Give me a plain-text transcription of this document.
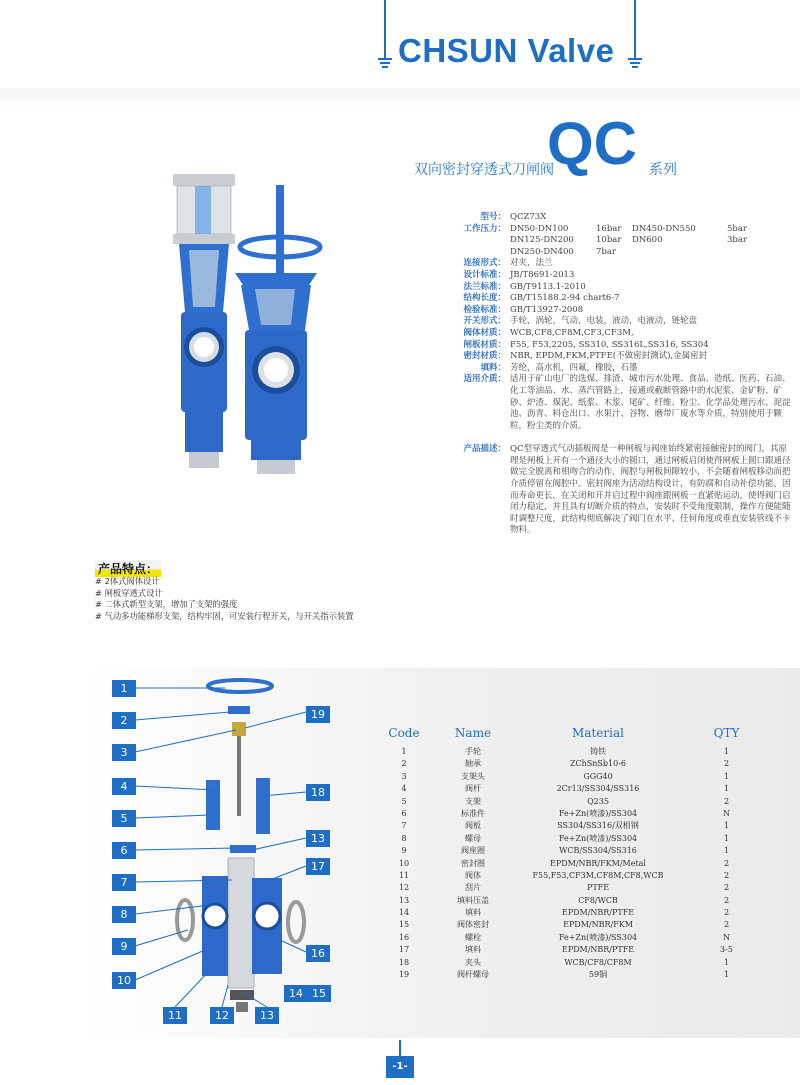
CHSUN Valve
双向密封穿透式刀闸阀
QC 系列
型号： QCZ73X
工作压力： DN50-DN100	16bar	DN450-DN550	5bar
DN125-DN200	10bar	DN600	3bar
DN250-DN400	7bar
连接形式： 对夹，法兰
设计标准： JB/T8691-2013
法兰标准： GB/T9113.1-2010
结构长度： GB/T15188.2-94 chart6-7
检验标准： GB/T13927-2008
开关形式： 手轮，涡轮，气动，电装，液动，电液动，链轮盘
阀体材质： WCB,CF8,CF8M,CF3,CF3M,
闸板材质： F55, F53,2205, SS310, SS316L,SS316, SS304
密封材质： NBR, EPDM,FKM,PTFE(不做密封测试),金属密封
填料： 芳纶，高水机，四氟，橡胶，石墨
适用介质： 适用于矿山电厂的选煤、排渣、城市污水处理、食品、造纸、医药、石油、化工等油品、水、蒸汽管路上，接通或截断管路中的水泥浆、金矿粉、矿砂、炉渣、煤泥、纸浆、木浆、尾矿、纤维、粉尘、化学品处理污水、泥淀池、沥青、料仓出口、水果汁、谷物、磨带厂废水等介质，特别使用于颗粒，粉尘类的介质。
产品描述： QC型穿透式气动插板阀是一种闸板与阀座始终紧密接触密封的阀门，其原理是闸板上开有一个通径大小的圆口，通过闸板启闭使得闸板上圆口跟通径做完全脱离和相吻合的动作，阀腔与闸板间隙较小，不会随着闸板移动而把介质停留在阀腔中。密封阀座为活动结构设计，有防腐和自动补偿功能，因而寿命更长，在关闭和开并启过程中阀座跟闸板一直紧贴运动，使得阀门启闭力稳定，并且具有切断介质的特点，安装时不受角度限制，操作方便能随时调整尺度，此结构彻底解决了阀门在水平、任何角度或垂直安装管线不卡物料。
产品特点：
# 2体式阀体设计
# 闸板穿透式设计
# 二体式新型支架，增加了支架的强度
# 气动多功能梯形支架，结构牢固，可安装行程开关，与开关指示装置
1
2
3
4
5
6
7
8
9
10
11	12	13
13
14 15
16
17
18
19
Code	Name	Material	QTY
1	手轮	铸铁	1
2	轴承	ZChSnSb10-6	2
3	支架头	GGG40	1
4	阀杆	2Cr13/SS304/SS316	1
5	支架	Q235	2
6	标准件	Fe+Zn(喷漆)/SS304	N
7	阀板	SS304/SS316/双相钢	1
8	螺母	Fe+Zn(喷漆)/SS304	1
9	阀座圈	WCB/SS304/SS316	1
10	密封圈	EPDM/NBR/FKM/Metal	2
11	阀体	F55,F53,CF3M,CF8M,CF8,WCB	2
12	刮片	PTFE	2
13	填料压盖	CF8/WCB	2
14	填料	EPDM/NBR/PTFE	2
15	阀体密封	EPDM/NBR/FKM	2
16	螺栓	Fe+Zn(喷漆)/SS304	N
17	填料	EPDM/NBR/PTFE	3-5
18	夹头	WCB/CF8/CF8M	1
19	阀杆螺母	59铜	1
-1-
